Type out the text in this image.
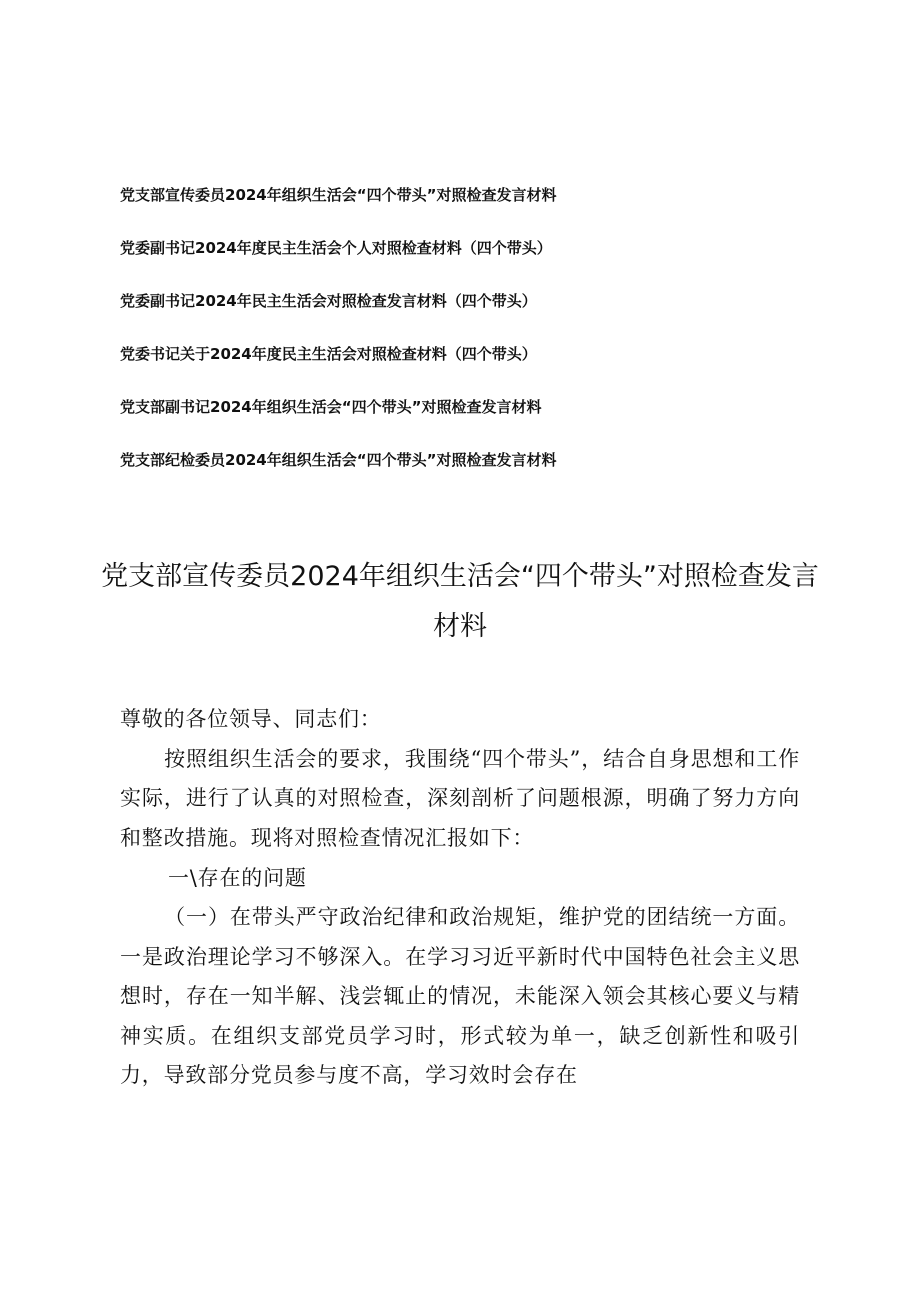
党支部宣传委员2024年组织生活会“四个带头”对照检查发言材料
党委副书记2024年度民主生活会个人对照检查材料（四个带头）
党委副书记2024年民主生活会对照检查发言材料（四个带头）
党委书记关于2024年度民主生活会对照检查材料（四个带头）
党支部副书记2024年组织生活会“四个带头”对照检查发言材料
党支部纪检委员2024年组织生活会“四个带头”对照检查发言材料
党支部宣传委员2024年组织生活会“四个带头”对照检查发言材料

尊敬的各位领导、同志们：

按照组织生活会的要求，我围绕“四个带头”，结合自身思想和工作实际，进行了认真的对照检查，深刻剖析了问题根源，明确了努力方向和整改措施。现将对照检查情况汇报如下：

一\存在的问题

（一）在带头严守政治纪律和政治规矩，维护党的团结统一方面。一是政治理论学习不够深入。在学习习近平新时代中国特色社会主义思想时，存在一知半解、浅尝辄止的情况，未能深入领会其核心要义与精神实质。在组织支部党员学习时，形式较为单一，缺乏创新性和吸引力，导致部分党员参与度不高，学习效时会存在
